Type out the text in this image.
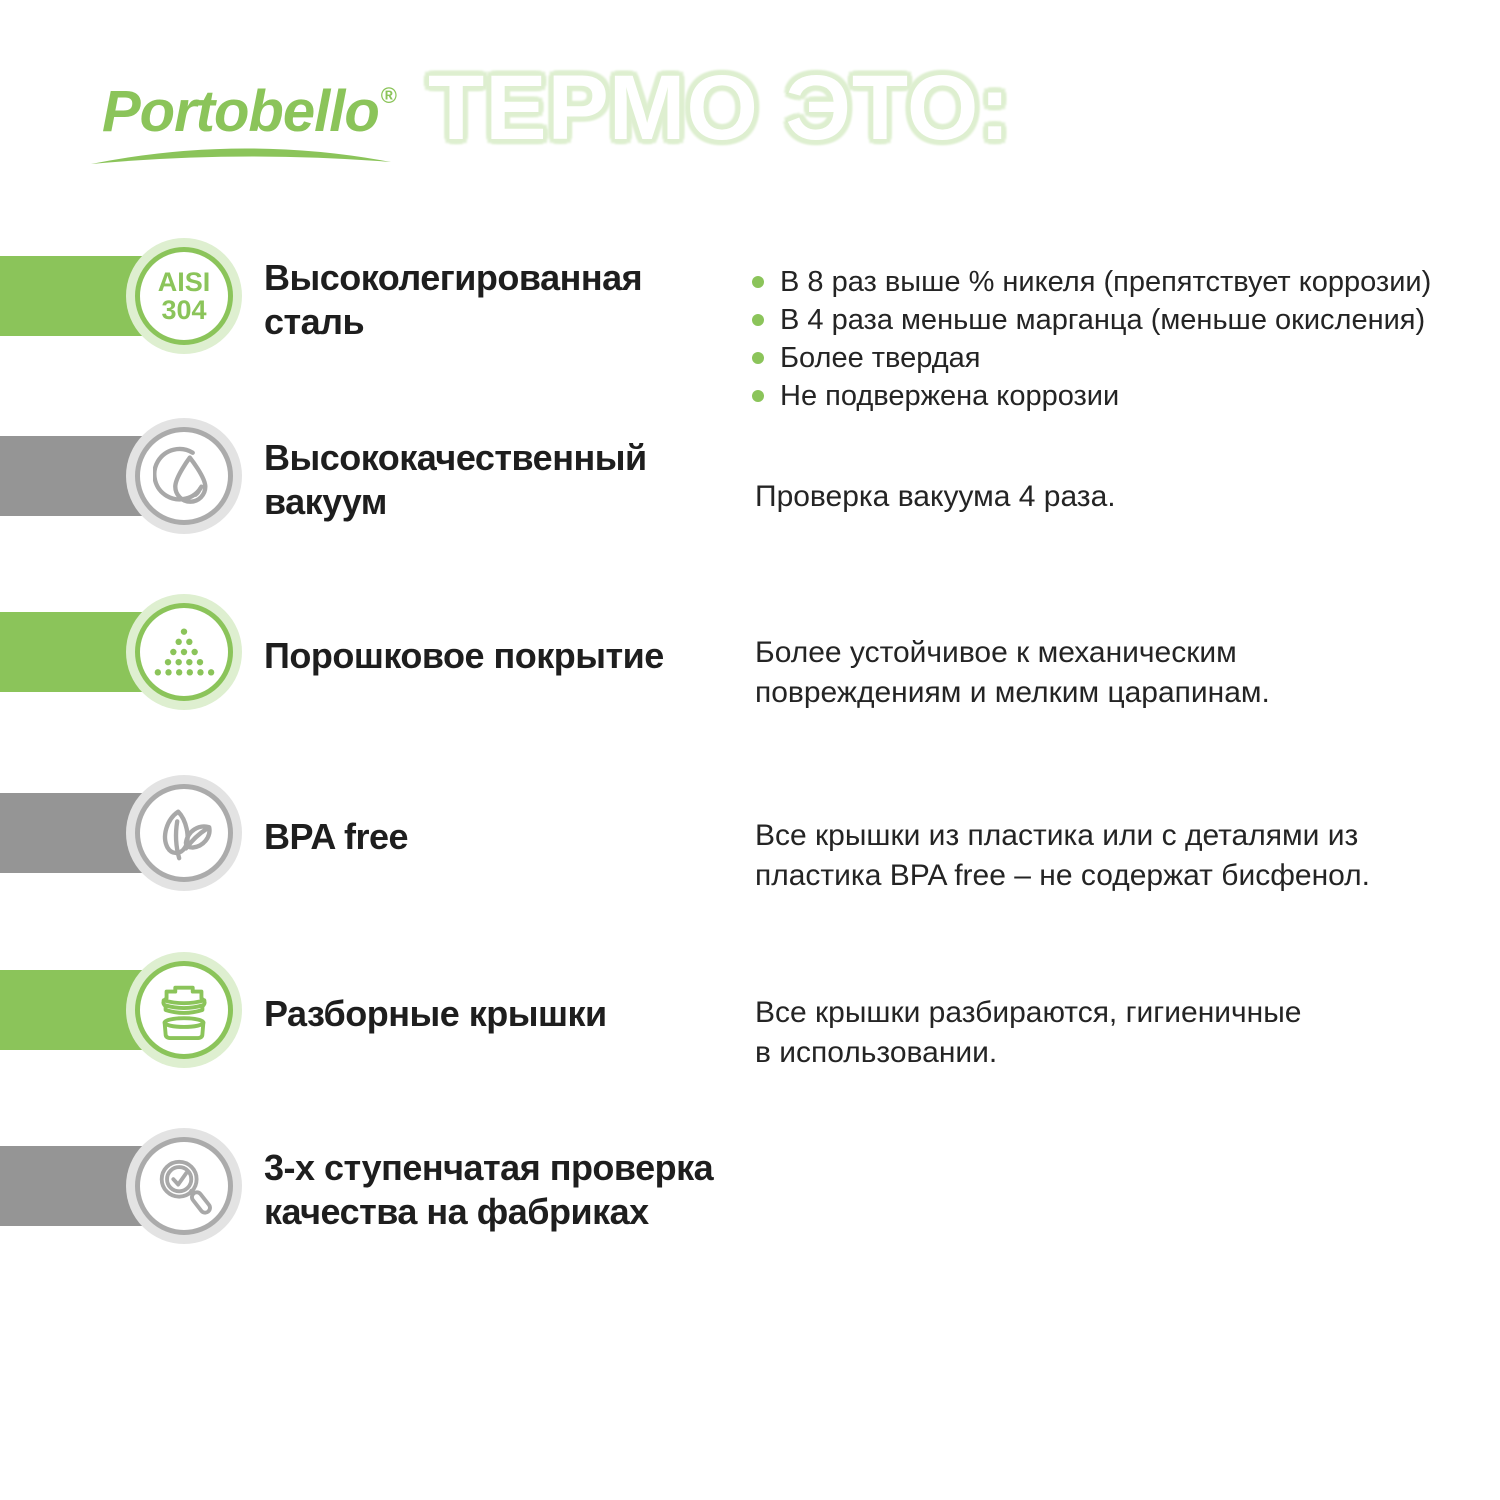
Portobello® ТЕРМО ЭТО:
AISI
304
Высоколегированная
сталь
В 8 раз выше % никеля (препятствует коррозии)
В 4 раза меньше марганца (меньше окисления)
Более твердая
Не подвержена коррозии
Высококачественный
вакуум	Проверка вакуума 4 раза.
Порошковое покрытие	Более устойчивое к механическим
повреждениям и мелким царапинам.
BPA free	Все крышки из пластика или с деталями из
пластика BPA free – не содержат бисфенол.
Разборные крышки	Все крышки разбираются, гигиеничные
в использовании.
3-х ступенчатая проверка
качества на фабриках
